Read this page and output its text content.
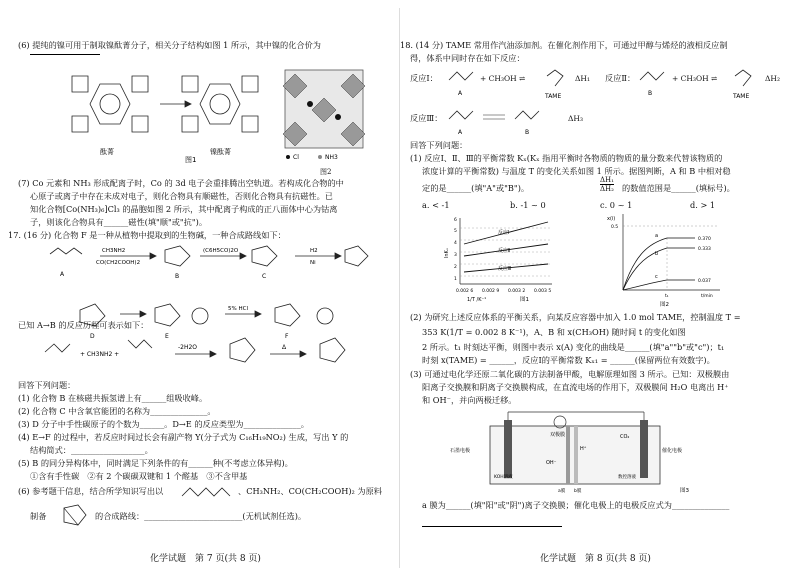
(6) 提纯的镍可用于制取镍酞菁分子，相关分子结构如图 1 所示，其中镍的化合价为
酞菁	镍酞菁
图1	Cl	NH3
图2
(7) Co 元素和 NH₃ 形成配离子时，Co 的 3d 电子会重排腾出空轨道。若构成化合物的中
心原子或离子中存在未成对电子，则化合物具有顺磁性，否则化合物具有抗磁性。已
知化合物[Co(NH₃)₆]Cl₃ 的晶胞如图 2 所示，其中配离子构成的正八面体中心为钴离
子，则该化合物具有______磁性(填"顺"或"抗")。
17. (16 分) 化合物 F 是一种从植物中提取到的生物碱，一种合成路线如下：
A	B	C
D	E	F
CH3NH2
CO(CH2COOH)2
(C6H5CO)2O
5% HCl
H2
Ni
已知 A→B 的反应历程可表示如下：
+ CH3NH2 +
-2H2O	Δ
回答下列问题：
(1) 化合物 B 在核磁共振氢谱上有______组吸收峰。
(2) 化合物 C 中含氧官能团的名称为______________。
(3) D 分子中手性碳原子的个数为______。D→E 的反应类型为______________。
(4) E→F 的过程中，若反应时间过长会有副产物 Y(分子式为 C₁₆H₁₉NO₂) 生成，写出 Y 的
结构简式：__________________。
(5) B 的同分异构体中，同时满足下列条件的有______种(不考虑立体异构)。
①含有手性碳　②有 2 个碳碳双键和 1 个醛基　③不含甲基
(6) 参考题干信息，结合所学知识写出以	、CH₃NH₂、CO(CH₂COOH)₂ 为原料
制备	的合成路线：________________________(无机试剂任选)。
化学试题　第 7 页(共 8 页)
18. (14 分) TAME 常用作汽油添加剂。在催化剂作用下，可通过甲醇与烯烃的液相反应制
得，体系中同时存在如下反应：
反应Ⅰ：
A	TAME	B	TAME
+ CH₃OH ⇌	ΔH₁ 反应Ⅱ：	+ CH₃OH ⇌	ΔH₂
反应Ⅲ：
A	B
ΔH₃
回答下列问题：
(1) 反应Ⅰ、Ⅱ、Ⅲ的平衡常数 Kₓ(Kₓ 指用平衡时各物质的物质的量分数来代替该物质的
浓度计算的平衡常数) 与温度 T 的变化关系如图 1 所示。据图判断，A 和 B 中相对稳
定的是______(填"A"或"B")。
ΔH₁
ΔH₂ 的数值范围是______(填标号)。
a. < -1	b. -1 ~ 0	c. 0 ~ 1	d. > 1
反应Ⅰ
反应Ⅱ
反应Ⅲ
lnKₓ
1
2
3
4
5
6
0.002 6 0.002 9 0.003 2 0.003 5
1/T /K⁻¹	图1
x(i)
0.5
a
b
c
0.370
0.333
0.037
t₁	t/min
图2
(2) 为研究上述反应体系的平衡关系，向某反应容器中加入 1.0 mol TAME，控制温度 T =
353 K(1/T = 0.002 8 K⁻¹)，A、B 和 x(CH₃OH) 随时间 t 的变化如图
2 所示。t₁ 时刻达平衡，则图中表示 x(A) 变化的曲线是______(填"a""b"或"c")；t₁
时刻 x(TAME) = ______，反应Ⅰ的平衡常数 Kₓ₁ = ______(保留两位有效数字)。
(3) 可通过电化学还原二氧化碳的方法制备甲酸，电解原理如图 3 所示。已知：双极膜由
阳离子交换膜和阴离子交换膜构成，在直流电场的作用下，双极膜间 H₂O 电离出 H⁺
和 OH⁻，并向两极迁移。
石墨电极
双极膜	CO₂
催化电极
KOH溶液
a膜 b膜
数控溶液
H⁺
OH⁻
图3
a 膜为______(填"阳"或"阴")离子交换膜；催化电极上的电极反应式为______________
化学试题　第 8 页(共 8 页)
